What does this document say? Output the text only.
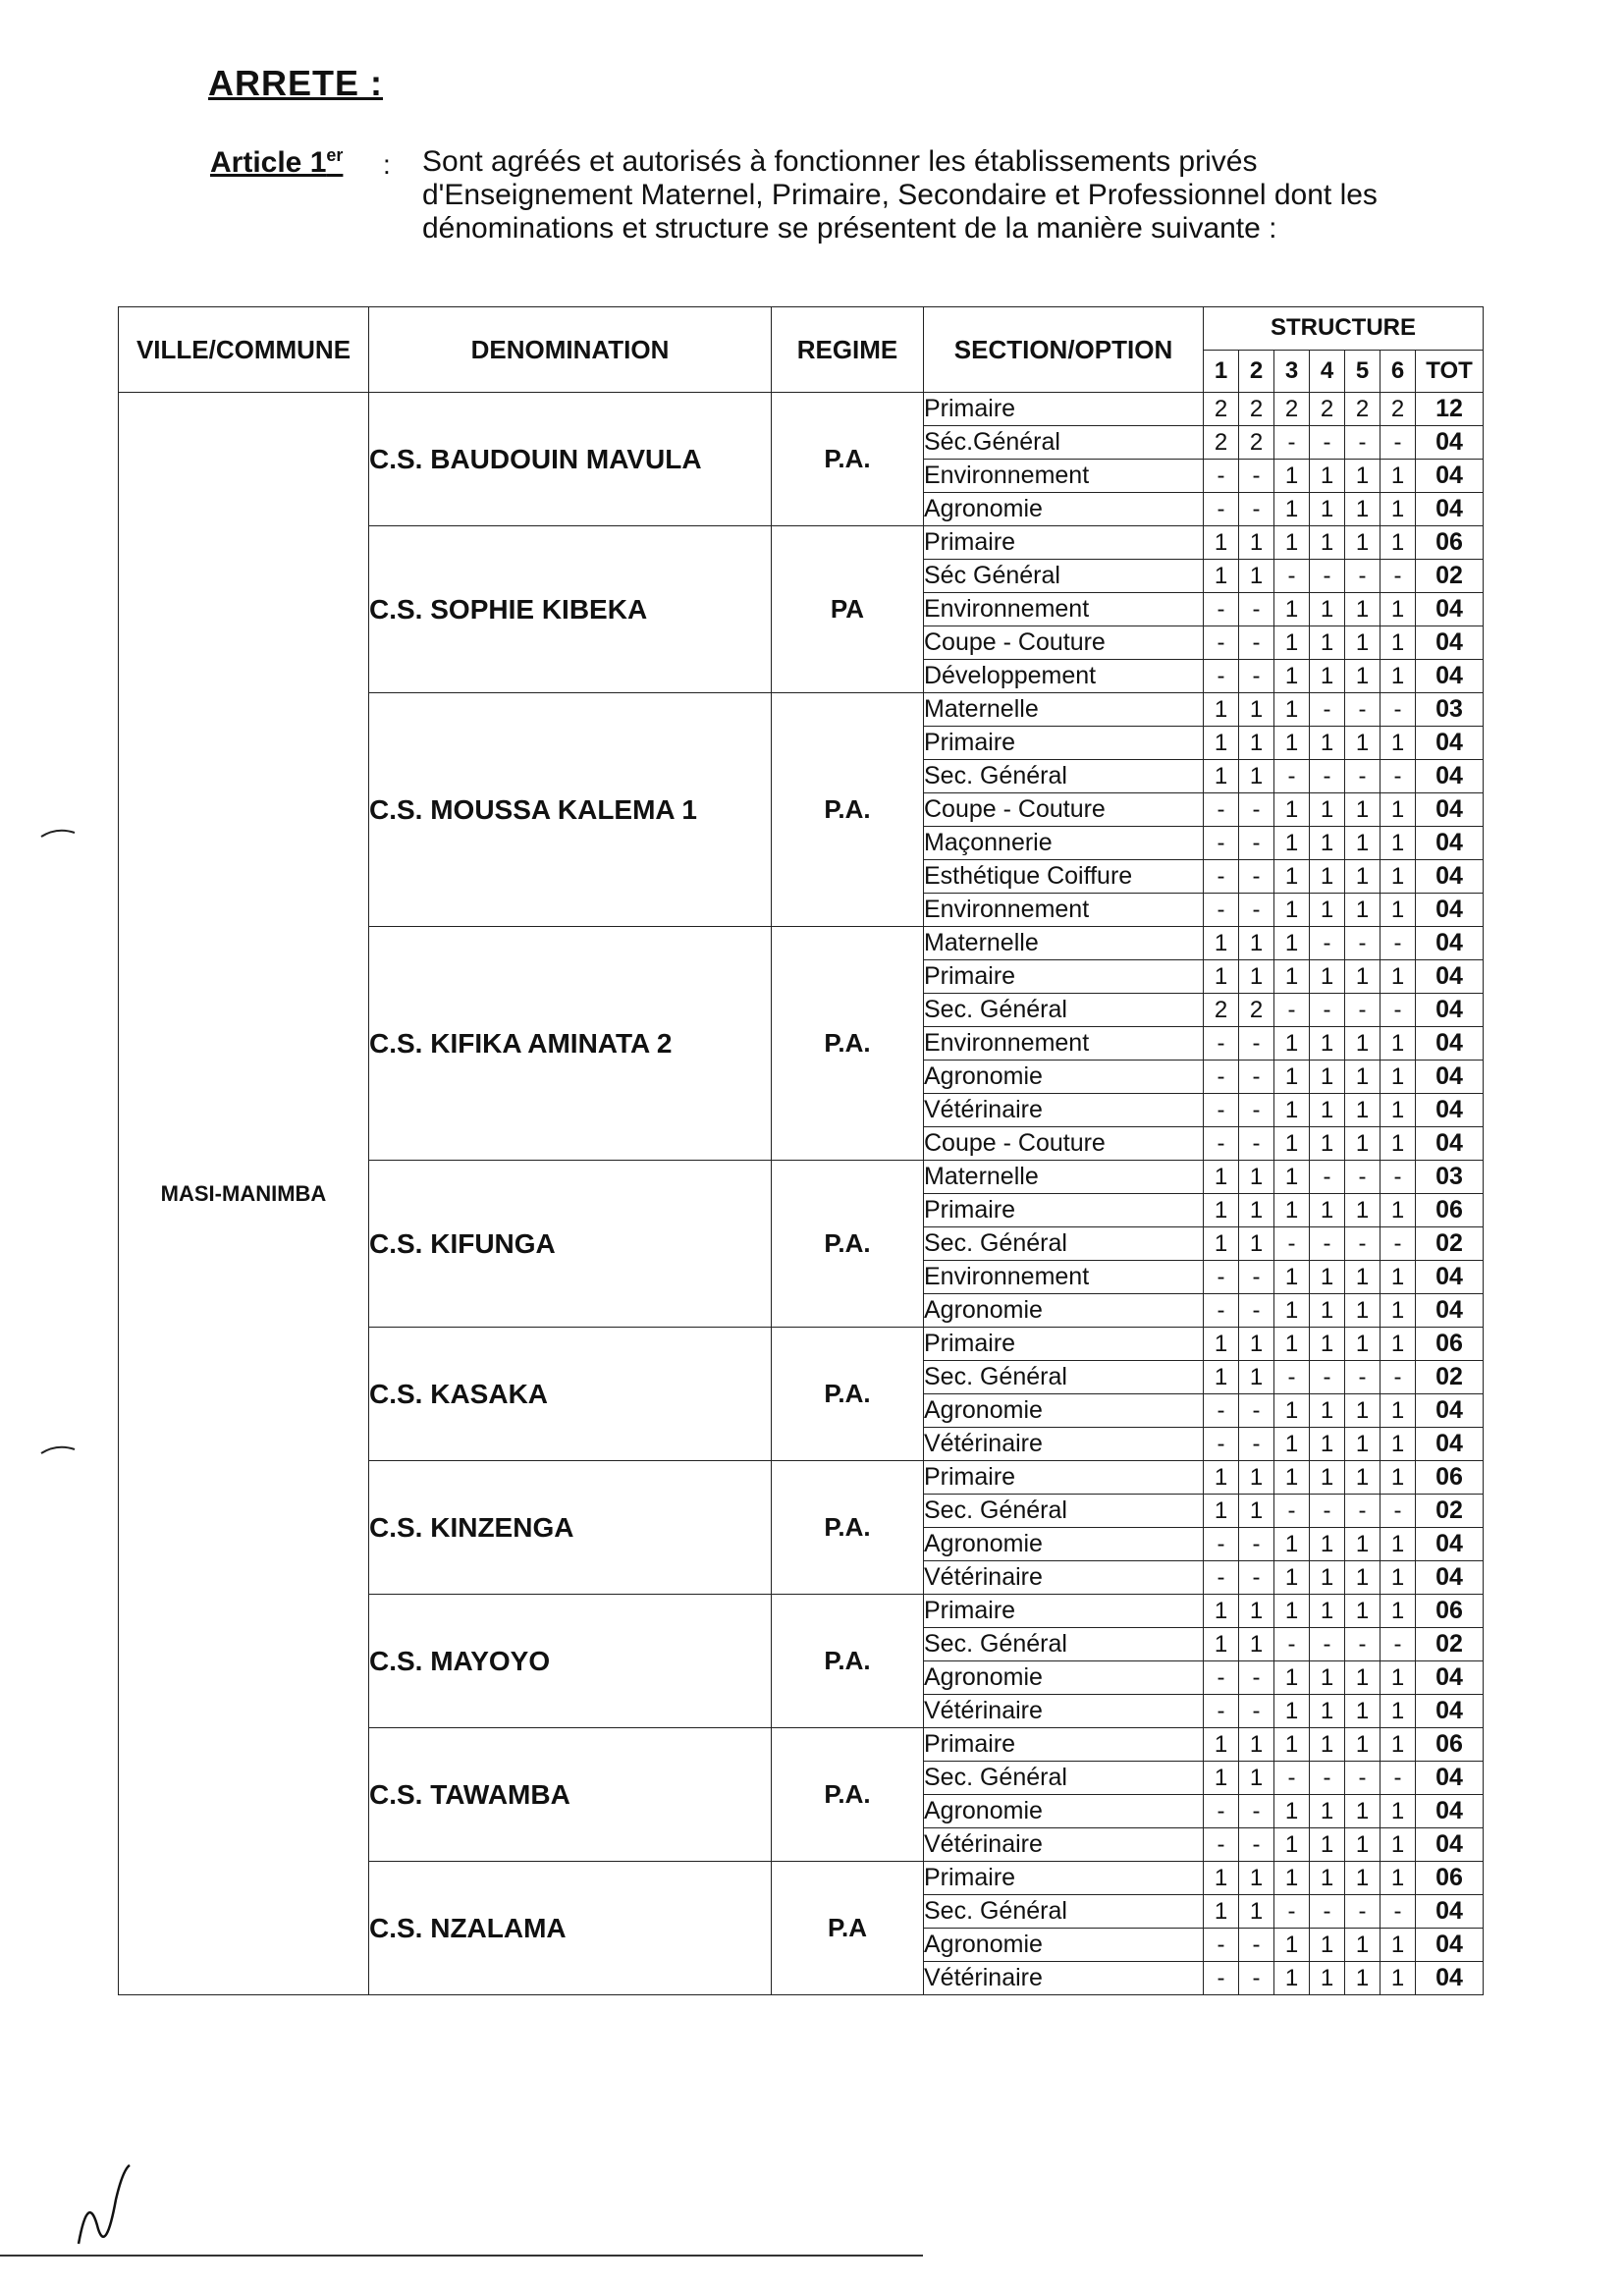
ARRETE :
Article 1er : Sont agréés et autorisés à fonctionner les établissements privés d'Enseignement Maternel, Primaire, Secondaire et Professionnel dont les dénominations et structure se présentent de la manière suivante :
VILLE/COMMUNE	DENOMINATION	REGIME	SECTION/OPTION	STRUCTURE						
				1	2	3	4	5	6	TOT
MASI-MANIMBA	C.S. BAUDOUIN MAVULA	P.A.	Primaire	2	2	2	2	2	2	12
			Séc.Général	2	2	-	-	-	-	04
			Environnement	-	-	1	1	1	1	04
			Agronomie	-	-	1	1	1	1	04
	C.S. SOPHIE KIBEKA	PA	Primaire	1	1	1	1	1	1	06
			Séc Général	1	1	-	-	-	-	02
			Environnement	-	-	1	1	1	1	04
			Coupe - Couture	-	-	1	1	1	1	04
			Développement	-	-	1	1	1	1	04
	C.S. MOUSSA KALEMA 1	P.A.	Maternelle	1	1	1	-	-	-	03
			Primaire	1	1	1	1	1	1	04
			Sec. Général	1	1	-	-	-	-	04
			Coupe - Couture	-	-	1	1	1	1	04
			Maçonnerie	-	-	1	1	1	1	04
			Esthétique Coiffure	-	-	1	1	1	1	04
			Environnement	-	-	1	1	1	1	04
	C.S. KIFIKA AMINATA 2	P.A.	Maternelle	1	1	1	-	-	-	04
			Primaire	1	1	1	1	1	1	04
			Sec. Général	2	2	-	-	-	-	04
			Environnement	-	-	1	1	1	1	04
			Agronomie	-	-	1	1	1	1	04
			Vétérinaire	-	-	1	1	1	1	04
			Coupe - Couture	-	-	1	1	1	1	04
	C.S. KIFUNGA	P.A.	Maternelle	1	1	1	-	-	-	03
			Primaire	1	1	1	1	1	1	06
			Sec. Général	1	1	-	-	-	-	02
			Environnement	-	-	1	1	1	1	04
			Agronomie	-	-	1	1	1	1	04
	C.S. KASAKA	P.A.	Primaire	1	1	1	1	1	1	06
			Sec. Général	1	1	-	-	-	-	02
			Agronomie	-	-	1	1	1	1	04
			Vétérinaire	-	-	1	1	1	1	04
	C.S. KINZENGA	P.A.	Primaire	1	1	1	1	1	1	06
			Sec. Général	1	1	-	-	-	-	02
			Agronomie	-	-	1	1	1	1	04
			Vétérinaire	-	-	1	1	1	1	04
	C.S. MAYOYO	P.A.	Primaire	1	1	1	1	1	1	06
			Sec. Général	1	1	-	-	-	-	02
			Agronomie	-	-	1	1	1	1	04
			Vétérinaire	-	-	1	1	1	1	04
	C.S. TAWAMBA	P.A.	Primaire	1	1	1	1	1	1	06
			Sec. Général	1	1	-	-	-	-	04
			Agronomie	-	-	1	1	1	1	04
			Vétérinaire	-	-	1	1	1	1	04
	C.S. NZALAMA	P.A	Primaire	1	1	1	1	1	1	06
			Sec. Général	1	1	-	-	-	-	04
			Agronomie	-	-	1	1	1	1	04
			Vétérinaire	-	-	1	1	1	1	04
